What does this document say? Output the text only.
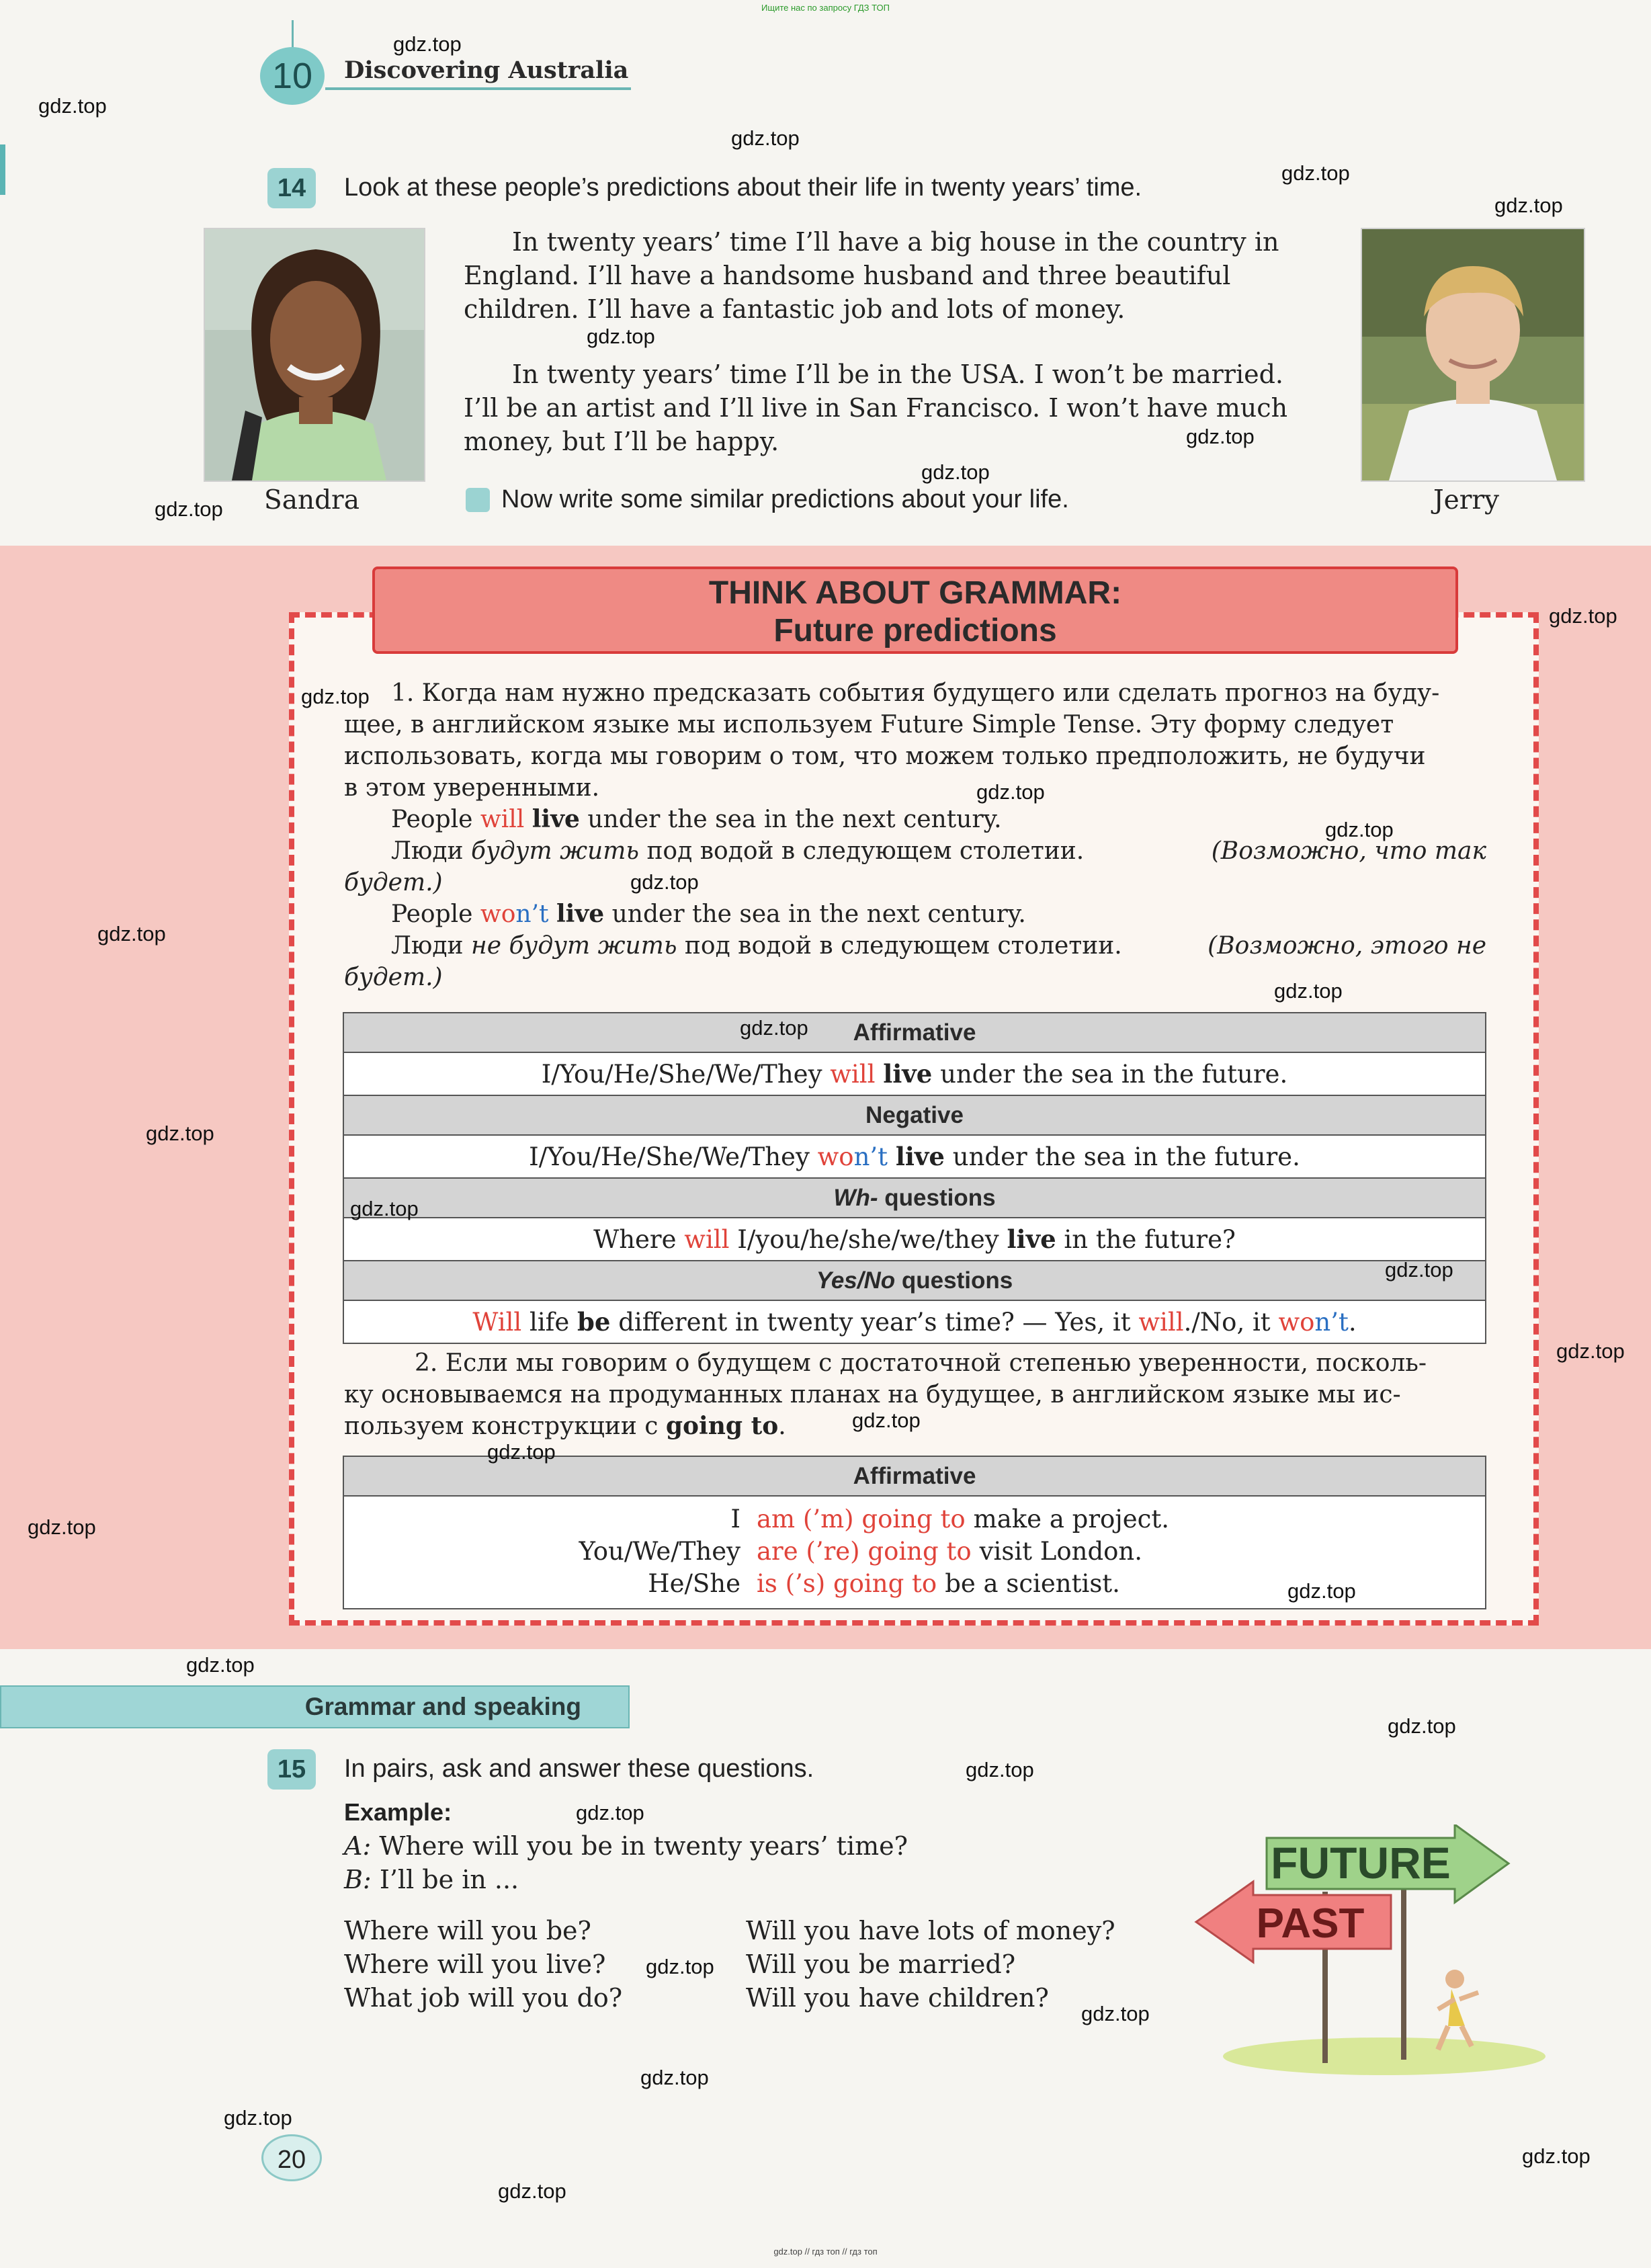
Ищите нас по запросу ГДЗ ТОП
10	Discovering Australia
14	Look at these people’s predictions about their life in twenty years’ time.
Sandra	Jerry
In twenty years’ time I’ll have a big house in the country in England. I’ll have a handsome husband and three beautiful children. I’ll have a fantastic job and lots of money.
In twenty years’ time I’ll be in the USA. I won’t be married. I’ll be an artist and I’ll live in San Francisco. I won’t have much money, but I’ll be happy.
Now write some similar predictions about your life.
THINK ABOUT GRAMMAR:
Future predictions
1. Когда нам нужно предсказать события будущего или сделать прогноз на буду-
щее, в английском языке мы используем Future Simple Tense. Эту форму следует
использовать, когда мы говорим о том, что можем только предположить, не будучи
в этом уверенными.
People will live under the sea in the next century.
Люди будут жить под водой в следующем столетии.	(Возможно, что так
будет.)
People won’t live under the sea in the next century.
Люди не будут жить под водой в следующем столетии.	(Возможно, этого не
будет.)
Affirmative
I/You/He/She/We/They will live under the sea in the future.
Negative
I/You/He/She/We/They won’t live under the sea in the future.
Wh- questions
Where will I/you/he/she/we/they live in the future?
Yes/No questions
Will life be different in twenty year’s time? — Yes, it will./No, it won’t.
2. Если мы говорим о будущем с достаточной степенью уверенности, посколь-
ку основываемся на продуманных планах на будущее, в английском языке мы ис-
пользуем конструкции с going to.
Affirmative
I am (’m) going to make a project.
You/We/They are (’re) going to visit London.
He/She is (’s) going to be a scientist.
Grammar and speaking
15	In pairs, ask and answer these questions.
Example:
A: Where will you be in twenty years’ time?
B: I’ll be in ...
Where will you be?
Where will you live?
What job will you do?
Will you have lots of money?
Will you be married?
Will you have children?
FUTURE
PAST
20
gdz.top // гдз топ // гдз топ
gdz.top
gdz.top
gdz.top
gdz.top
gdz.top
gdz.top
gdz.top
gdz.top
gdz.top
gdz.top
gdz.top
gdz.top
gdz.top
gdz.top
gdz.top
gdz.top
gdz.top
gdz.top
gdz.top
gdz.top
gdz.top
gdz.top
gdz.top
gdz.top
gdz.top
gdz.top
gdz.top
gdz.top
gdz.top
gdz.top
gdz.top
gdz.top
gdz.top
gdz.top
gdz.top
